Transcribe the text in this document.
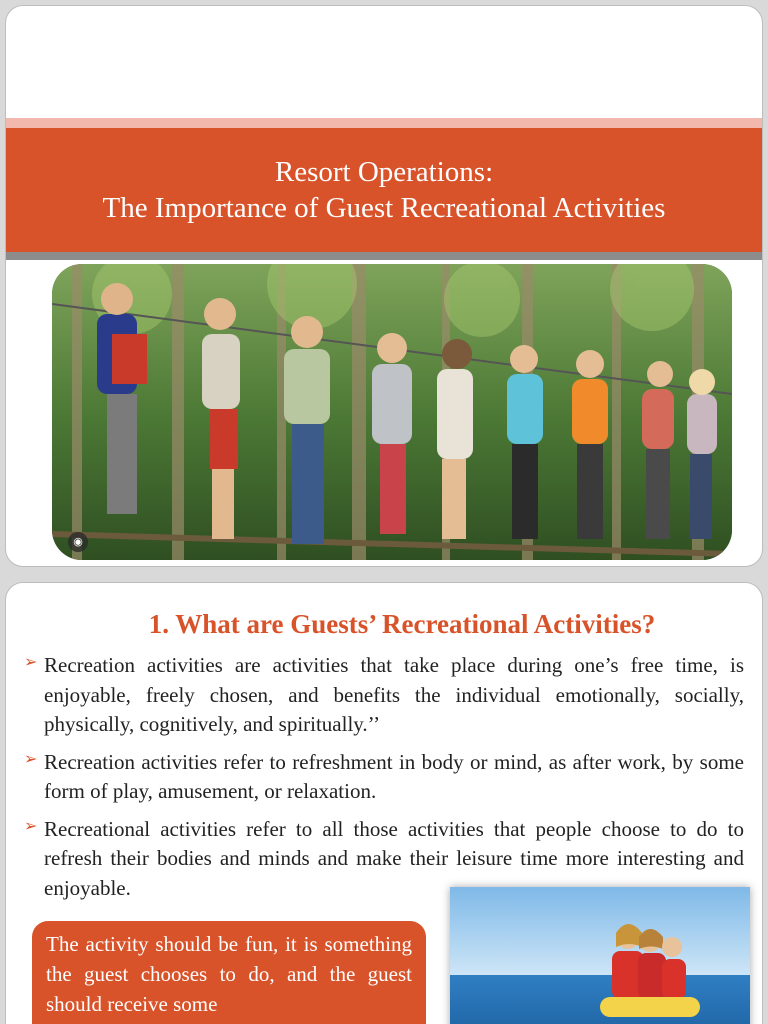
Resort Operations:
The Importance of Guest Recreational Activities
◉
1. What are Guests’ Recreational Activities?
➢ Recreation activities are activities that take place during one’s free time, is enjoyable, freely chosen, and benefits the individual emotionally, socially, physically, cognitively, and spiritually.’’
➢ Recreation activities refer to refreshment in body or mind, as after work, by some form of play, amusement, or relaxation.
➢ Recreational activities refer to all those activities that people choose to do to refresh their bodies and minds and make their leisure time more interesting and enjoyable.
The activity should be fun, it is something the guest chooses to do, and the guest should receive some
